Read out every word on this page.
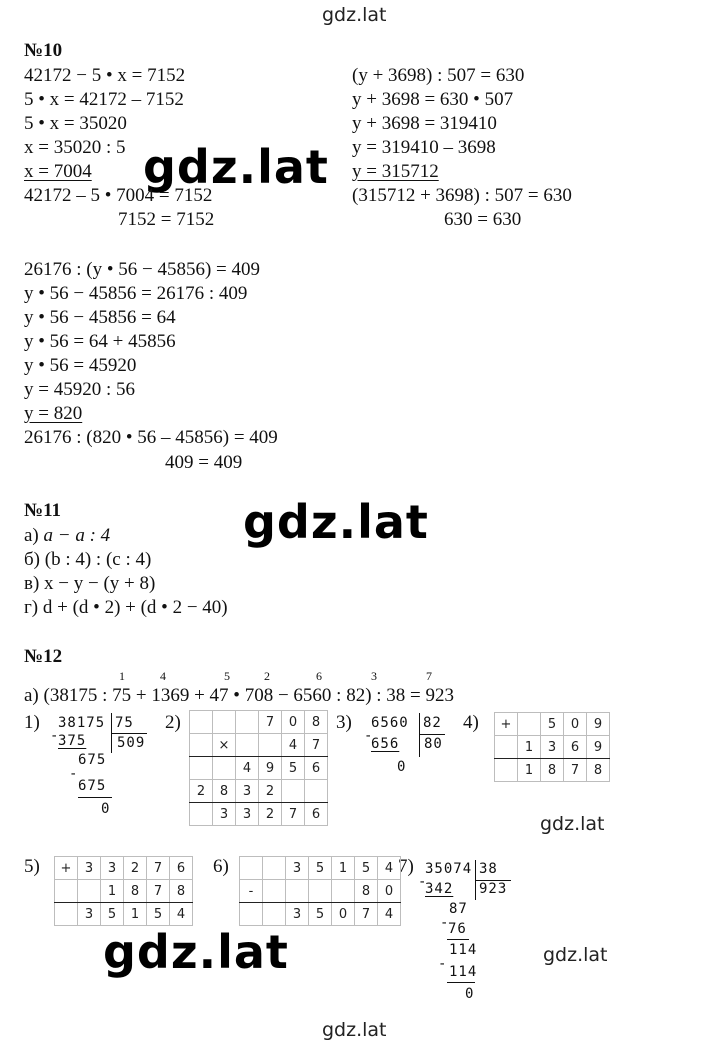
gdz.lat
gdz.lat
gdz.lat
gdz.lat
gdz.lat	gdz.lat
gdz.lat
№10
42172 − 5 • x = 7152
5 • x = 42172 – 7152
5 • x = 35020
x = 35020 : 5
x = 7004
42172 – 5 • 7004 = 7152
7152 = 7152
(y + 3698) : 507 = 630
y + 3698 = 630 • 507
y + 3698 = 319410
y = 319410 – 3698
y = 315712
(315712 + 3698) : 507 = 630
630 = 630
26176 : (y • 56 − 45856) = 409
y • 56 − 45856 = 26176 : 409
y • 56 − 45856 = 64
y • 56 = 64 + 45856
y • 56 = 45920
y = 45920 : 56
y = 820
26176 : (820 • 56 – 45856) = 409
409 = 409
№11
а) a − a : 4
б) (b : 4) : (c : 4)
в) x − y − (y + 8)
г) d + (d • 2) + (d • 2 − 40)
№12
1	4	5	2	6	3	7
а) (38175 : 75 + 1369 + 47 • 708 − 6560 : 82) : 38 = 923
1)	2)	3)	4)
5)	6)	7)
38175 75
-
375 509
675
-
675
0
6560 82
-
656 80
0
35074 38
-
342 923
87
-
76
114
- 114
0
			7	0	8
	×			4	7
		4	9	5	6
2	8	3	2		
	3	3	2	7	6
+		5	0	9
	1	3	6	9
	1	8	7	8
+	3	3	2	7	6
		1	8	7	8
	3	5	1	5	4
		3	5	1	5	4
-					8	0
		3	5	0	7	4
